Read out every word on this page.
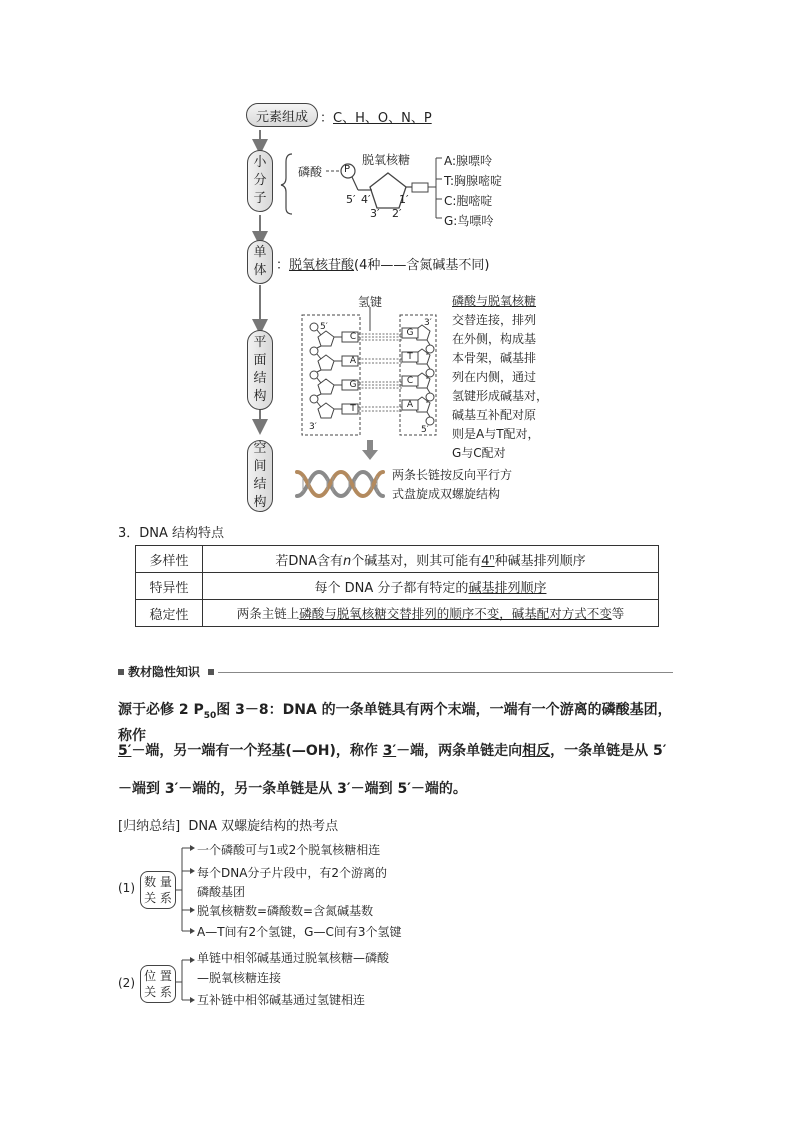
元素组成 ：C、H、O、N、P
小
分
子
磷酸 P
脱氧核糖
5′ 4′	1′
3′ 2′
A:腺嘌呤
T:胸腺嘧啶
C:胞嘧啶
G:鸟嘌呤
单
体 ：脱氧核苷酸(4种——含氮碱基不同)
平
面
结
构
氢键
C
A
G
T
G
T
C
A
5′
3′
3′
5′
磷酸与脱氧核糖
交替连接，排列
在外侧，构成基
本骨架，碱基排
列在内侧，通过
氢键形成碱基对，
碱基互补配对原
则是A与T配对，
G与C配对
空
间
结
构
两条长链按反向平行方
式盘旋成双螺旋结构
3．DNA 结构特点
多样性	若DNA含有n个碱基对，则其可能有4$^n$种碱基排列顺序
特异性	每个 DNA 分子都有特定的碱基排列顺序
稳定性	两条主链上磷酸与脱氧核糖交替排列的顺序不变，碱基配对方式不变等
教材隐性知识
源于必修 2 $P_{50}$图 3－8：DNA 的一条单链具有两个末端，一端有一个游离的磷酸基团，称作
5′－端，另一端有一个羟基(—OH)，称作 3′－端，两条单链走向相反，一条单链是从 5′
－端到 3′－端的，另一条单链是从 3′－端到 5′－端的。
[归纳总结] DNA 双螺旋结构的热考点
(1) 数 量
关 系
一个磷酸可与1或2个脱氧核糖相连
每个DNA分子片段中，有2个游离的
磷酸基团
脱氧核糖数=磷酸数=含氮碱基数
A—T间有2个氢键，G—C间有3个氢键
(2) 位 置
关 系
单链中相邻碱基通过脱氧核糖—磷酸
—脱氧核糖连接
互补链中相邻碱基通过氢键相连
